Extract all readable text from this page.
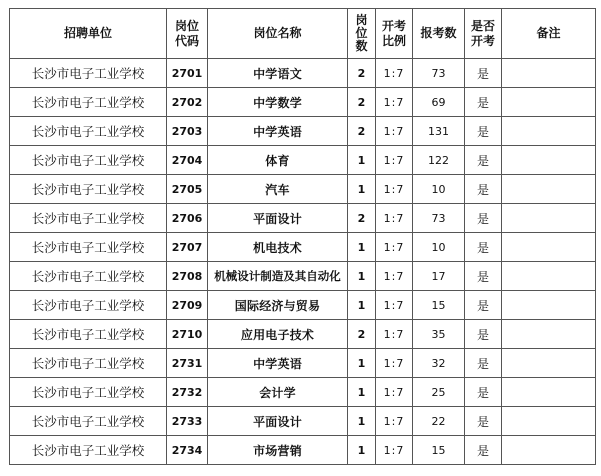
招聘单位	岗位代码	岗位名称	岗位数	开考比例	报考数	是否开考	备注
长沙市电子工业学校	2701	中学语文	2	1:7	73	是	
长沙市电子工业学校	2702	中学数学	2	1:7	69	是	
长沙市电子工业学校	2703	中学英语	2	1:7	131	是	
长沙市电子工业学校	2704	体育	1	1:7	122	是	
长沙市电子工业学校	2705	汽车	1	1:7	10	是	
长沙市电子工业学校	2706	平面设计	2	1:7	73	是	
长沙市电子工业学校	2707	机电技术	1	1:7	10	是	
长沙市电子工业学校	2708	机械设计制造及其自动化	1	1:7	17	是	
长沙市电子工业学校	2709	国际经济与贸易	1	1:7	15	是	
长沙市电子工业学校	2710	应用电子技术	2	1:7	35	是	
长沙市电子工业学校	2731	中学英语	1	1:7	32	是	
长沙市电子工业学校	2732	会计学	1	1:7	25	是	
长沙市电子工业学校	2733	平面设计	1	1:7	22	是	
长沙市电子工业学校	2734	市场营销	1	1:7	15	是	
